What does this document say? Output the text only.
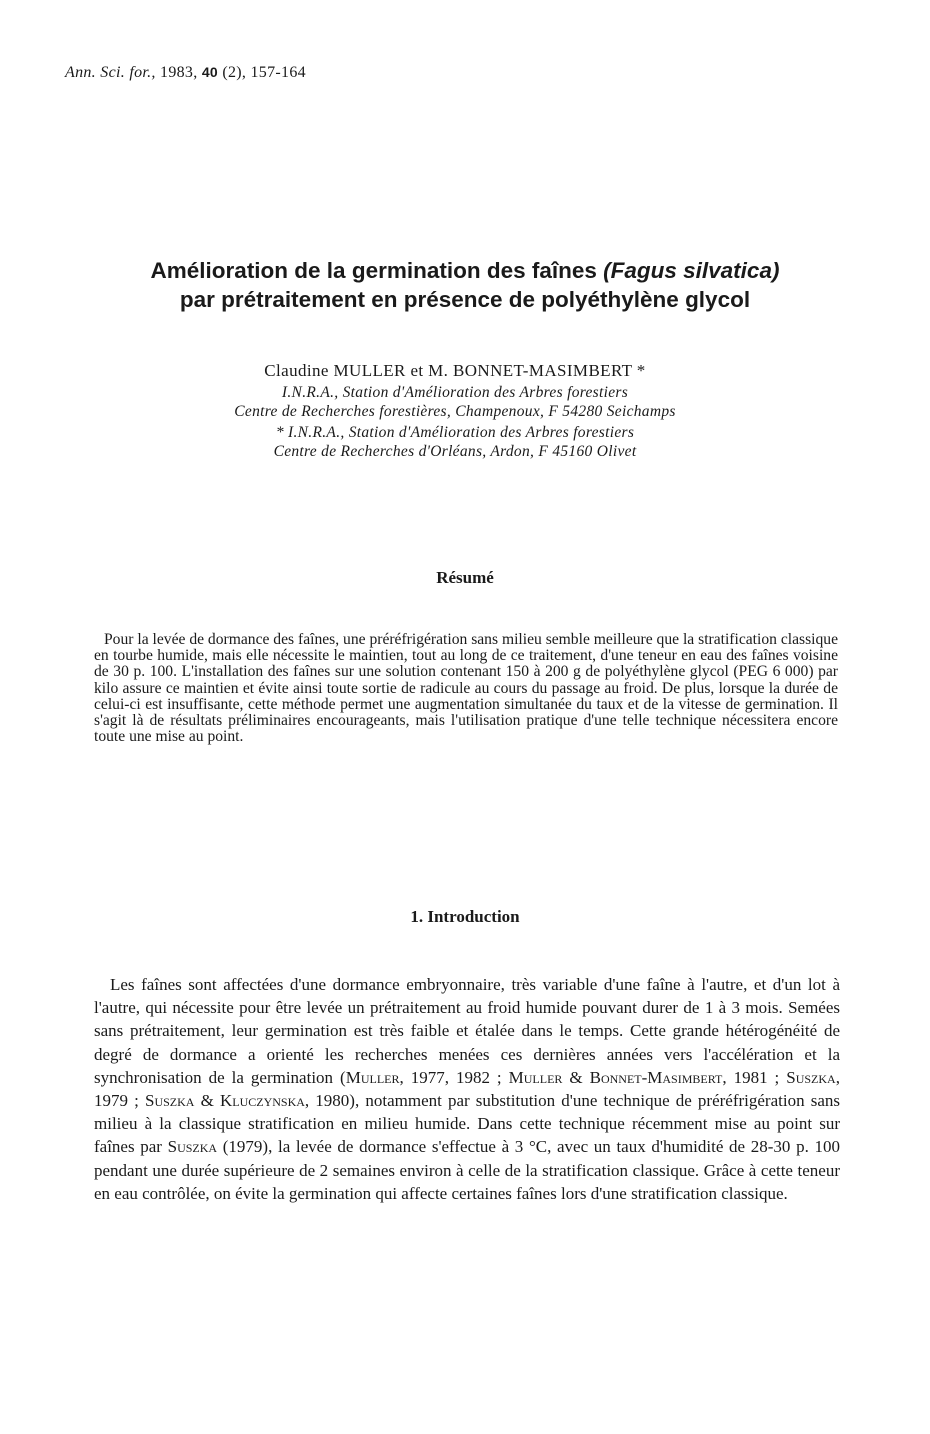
Ann. Sci. for., 1983, 40 (2), 157-164
Amélioration de la germination des faînes (Fagus silvatica)
par prétraitement en présence de polyéthylène glycol
Claudine MULLER et M. BONNET-MASIMBERT *
I.N.R.A., Station d'Amélioration des Arbres forestiers
Centre de Recherches forestières, Champenoux, F 54280 Seichamps
* I.N.R.A., Station d'Amélioration des Arbres forestiers
Centre de Recherches d'Orléans, Ardon, F 45160 Olivet
Résumé

Pour la levée de dormance des faînes, une préréfrigération sans milieu semble meilleure que la stratification classique en tourbe humide, mais elle nécessite le maintien, tout au long de ce traitement, d'une teneur en eau des faînes voisine de 30 p. 100. L'installation des faînes sur une solution contenant 150 à 200 g de polyéthylène glycol (PEG 6 000) par kilo assure ce maintien et évite ainsi toute sortie de radicule au cours du passage au froid. De plus, lorsque la durée de celui-ci est insuffisante, cette méthode permet une augmentation simultanée du taux et de la vitesse de germination. Il s'agit là de résultats préliminaires encourageants, mais l'utilisation pratique d'une telle technique nécessitera encore toute une mise au point.

1. Introduction

Les faînes sont affectées d'une dormance embryonnaire, très variable d'une faîne à l'autre, et d'un lot à l'autre, qui nécessite pour être levée un prétraitement au froid humide pouvant durer de 1 à 3 mois. Semées sans prétraitement, leur germination est très faible et étalée dans le temps. Cette grande hétérogénéité de degré de dormance a orienté les recherches menées ces dernières années vers l'accélération et la synchronisation de la germination (Muller, 1977, 1982 ; Muller & Bonnet-Masimbert, 1981 ; Suszka, 1979 ; Suszka & Kluczynska, 1980), notamment par substitution d'une technique de préréfrigération sans milieu à la classique stratification en milieu humide. Dans cette technique récemment mise au point sur faînes par Suszka (1979), la levée de dormance s'effectue à 3 °C, avec un taux d'humidité de 28-30 p. 100 pendant une durée supérieure de 2 semaines environ à celle de la stratification classique. Grâce à cette teneur en eau contrôlée, on évite la germination qui affecte certaines faînes lors d'une stratification classique.
